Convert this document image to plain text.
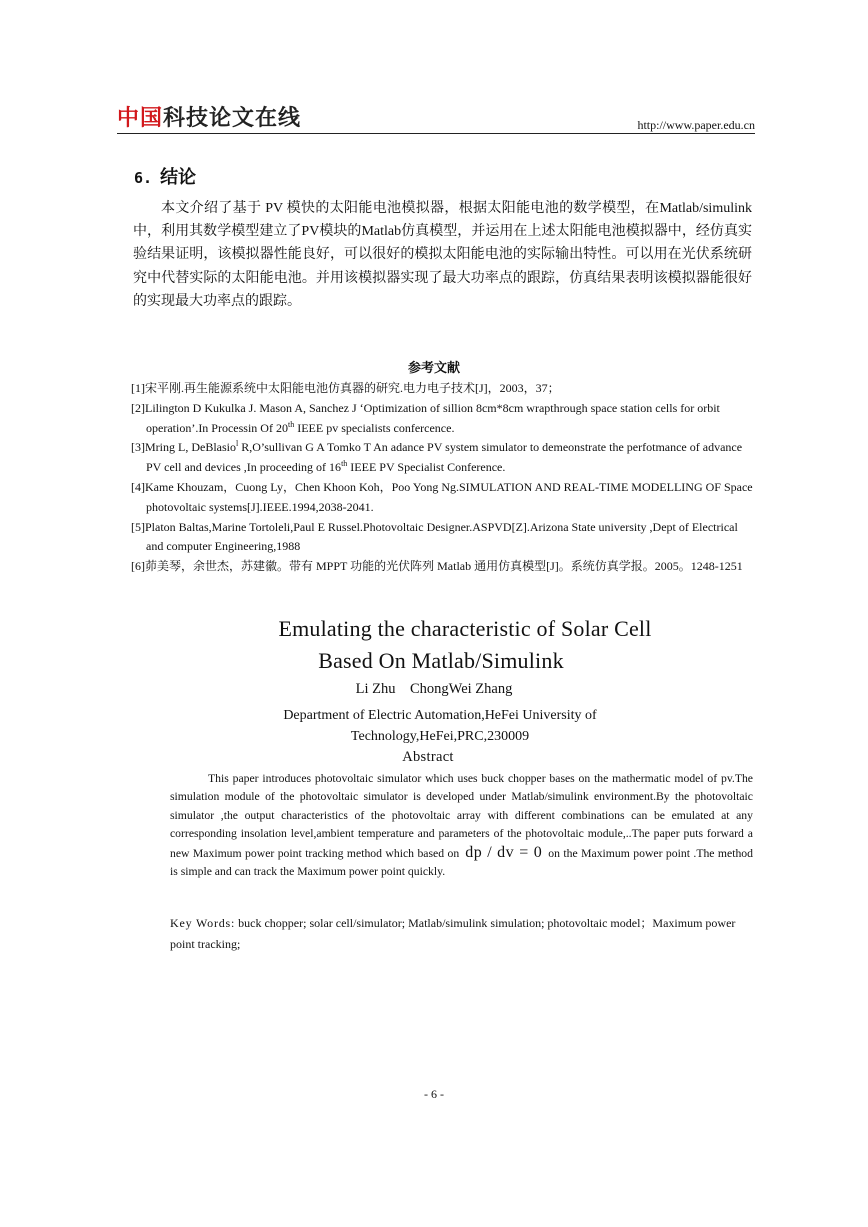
中国科技论文在线	http://www.paper.edu.cn
6. 结论
本文介绍了基于 PV 模快的太阳能电池模拟器，根据太阳能电池的数学模型，在Matlab/simulink中，利用其数学模型建立了PV模块的Matlab仿真模型，并运用在上述太阳能电池模拟器中，经仿真实验结果证明，该模拟器性能良好，可以很好的模拟太阳能电池的实际输出特性。可以用在光伏系统研究中代替实际的太阳能电池。并用该模拟器实现了最大功率点的跟踪，仿真结果表明该模拟器能很好的实现最大功率点的跟踪。
参考文献
[1]宋平刚.再生能源系统中太阳能电池仿真器的研究.电力电子技术[J]，2003，37；
[2]Lilington D Kukulka J. Mason A, Sanchez J ‘Optimization of sillion 8cm*8cm wrapthrough space station cells for orbit operation’.In Processin Of 20th IEEE pv specialists confercence.
[3]Mring L, DeBlasio$^l$ R,O’sullivan G A Tomko T An adance PV system simulator to demeonstrate the perfotmance of advance PV cell and devices ,In proceeding of 16th IEEE PV Specialist Conference.
[4]Kame Khouzam，Cuong Ly，Chen Khoon Koh，Poo Yong Ng.SIMULATION AND REAL-TIME MODELLING OF Space photovoltaic systems[J].IEEE.1994,2038-2041.
[5]Platon Baltas,Marine Tortoleli,Paul E Russel.Photovoltaic Designer.ASPVD[Z].Arizona State university ,Dept of Electrical and computer Engineering,1988
[6]茆美琴，余世杰，苏建徽。带有 MPPT 功能的光伏阵列 Matlab 通用仿真模型[J]。系统仿真学报。2005。1248-1251
Emulating the characteristic of Solar Cell
Based On Matlab/Simulink
Li Zhu    ChongWei Zhang
Department of Electric Automation,HeFei University of Technology,HeFei,PRC,230009
Abstract
This paper introduces photovoltaic simulator which uses buck chopper bases on the mathermatic model of pv.The simulation module of the photovoltaic simulator is developed under Matlab/simulink environment.By the photovoltaic simulator ,the output characteristics of the photovoltaic array with different combinations can be emulated at any corresponding insolation level,ambient temperature and parameters of the photovoltaic module,..The paper puts forward a new Maximum power point tracking method which based on dp / dv = 0 on the Maximum power point .The method is simple and can track the Maximum power point quickly.
Key Words: buck chopper; solar cell/simulator; Matlab/simulink simulation; photovoltaic model；Maximum power point tracking;
- 6 -
